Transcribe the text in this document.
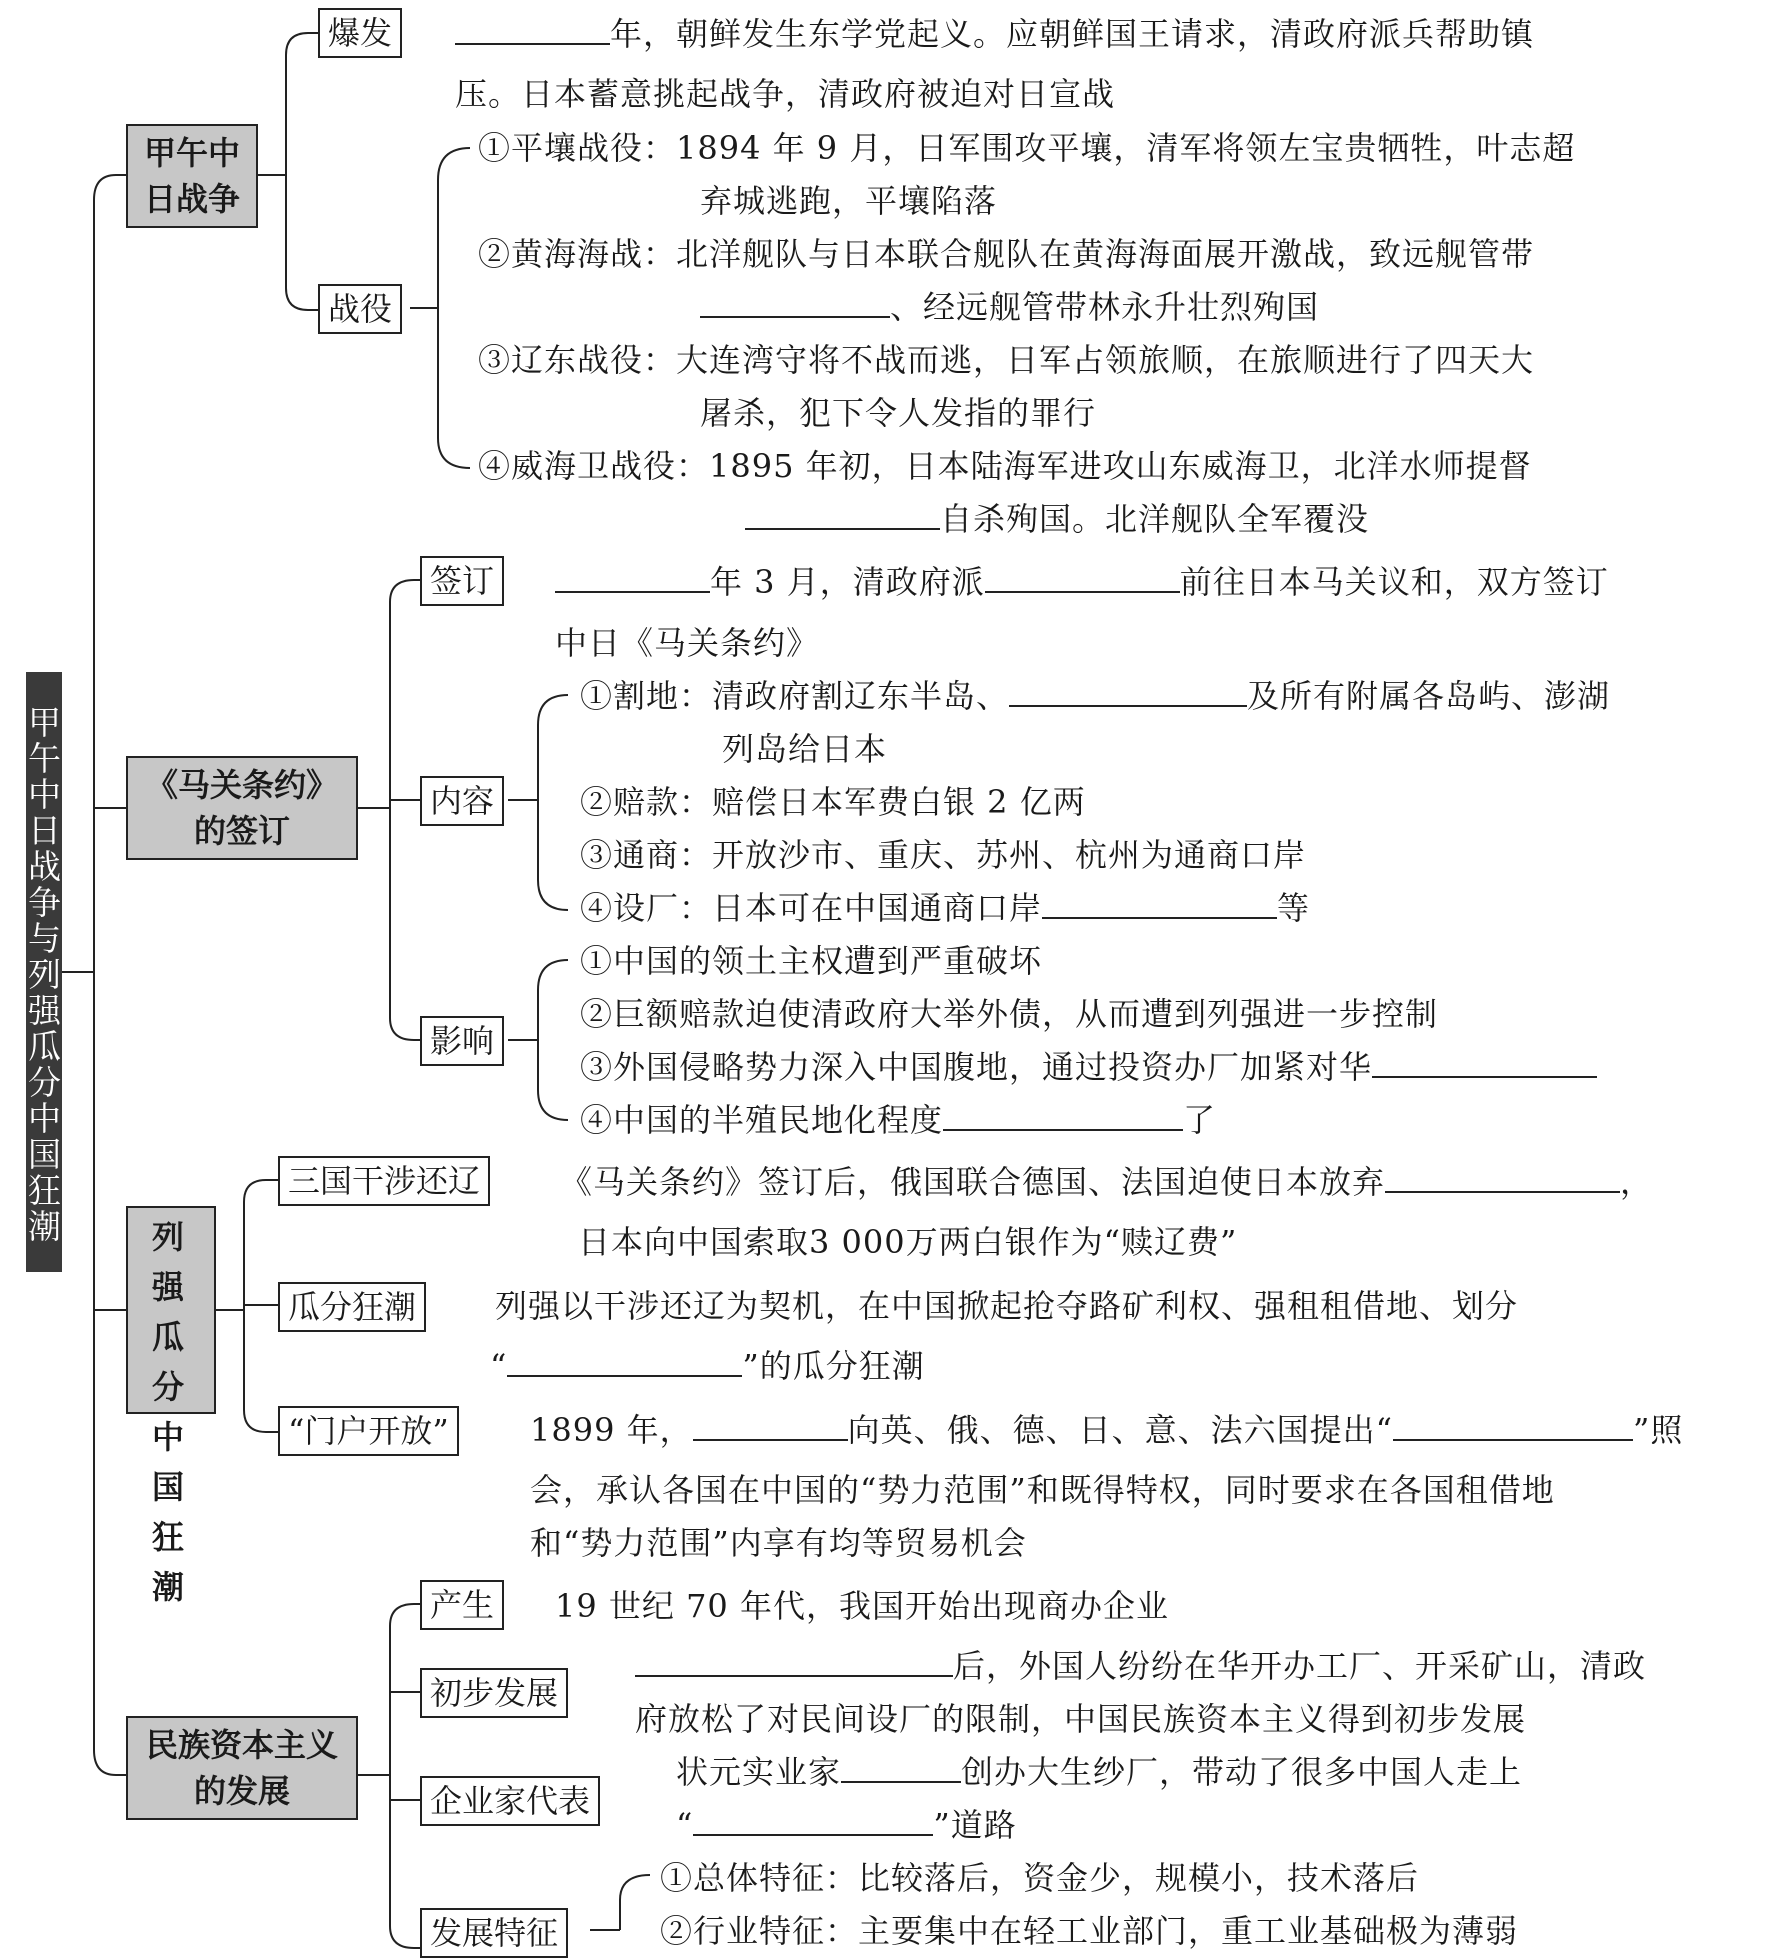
甲午中日战争与列强瓜分中国狂潮
甲午中日战争
《马关条约》的签订
列强瓜分中国狂潮
民族资本主义的发展
爆发
战役
签订
内容
影响
三国干涉还辽
瓜分狂潮
“门户开放”
产生
初步发展
企业家代表
发展特征
年，朝鲜发生东学党起义。应朝鲜国王请求，清政府派兵帮助镇
压。日本蓄意挑起战争，清政府被迫对日宣战
①平壤战役：1894 年 9 月，日军围攻平壤，清军将领左宝贵牺牲，叶志超
弃城逃跑，平壤陷落
②黄海海战：北洋舰队与日本联合舰队在黄海海面展开激战，致远舰管带
、经远舰管带林永升壮烈殉国
③辽东战役：大连湾守将不战而逃，日军占领旅顺，在旅顺进行了四天大
屠杀，犯下令人发指的罪行
④威海卫战役：1895 年初，日本陆海军进攻山东威海卫，北洋水师提督
自杀殉国。北洋舰队全军覆没
年 3 月，清政府派	前往日本马关议和，双方签订
中日《马关条约》
①割地：清政府割辽东半岛、	及所有附属各岛屿、澎湖
列岛给日本
②赔款：赔偿日本军费白银 2 亿两
③通商：开放沙市、重庆、苏州、杭州为通商口岸
④设厂：日本可在中国通商口岸	等
①中国的领土主权遭到严重破坏
②巨额赔款迫使清政府大举外债，从而遭到列强进一步控制
③外国侵略势力深入中国腹地，通过投资办厂加紧对华
④中国的半殖民地化程度	了
《马关条约》签订后，俄国联合德国、法国迫使日本放弃	，
日本向中国索取3 000万两白银作为“赎辽费”
列强以干涉还辽为契机，在中国掀起抢夺路矿利权、强租租借地、划分
“	”的瓜分狂潮
1899 年，	向英、俄、德、日、意、法六国提出“	”照
会，承认各国在中国的“势力范围”和既得特权，同时要求在各国租借地
和“势力范围”内享有均等贸易机会
19 世纪 70 年代，我国开始出现商办企业
后，外国人纷纷在华开办工厂、开采矿山，清政
府放松了对民间设厂的限制，中国民族资本主义得到初步发展
状元实业家	创办大生纱厂，带动了很多中国人走上
“	”道路
①总体特征：比较落后，资金少，规模小，技术落后
②行业特征：主要集中在轻工业部门，重工业基础极为薄弱
